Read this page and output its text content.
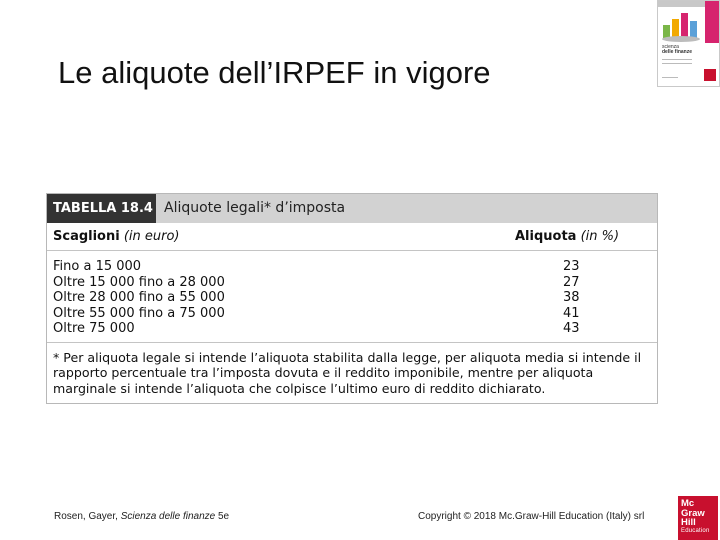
Le aliquote dell’IRPEF in vigore
scienza
delle finanze
TABELLA 18.4 Aliquote legali* d’imposta
Scaglioni (in euro)	Aliquota (in %)
Fino a 15 000	23
Oltre 15 000 fino a 28 000	27
Oltre 28 000 fino a 55 000	38
Oltre 55 000 fino a 75 000	41
Oltre 75 000	43
* Per aliquota legale si intende l’aliquota stabilita dalla legge, per aliquota media si intende il rapporto percentuale tra l’imposta dovuta e il reddito imponibile, mentre per aliquota marginale si intende l’aliquota che colpisce l’ultimo euro di reddito dichiarato.
Rosen, Gayer, Scienza delle finanze 5e	Copyright © 2018 Mc.Graw-Hill Education (Italy) srl
Mc
Graw
Hill
Education
